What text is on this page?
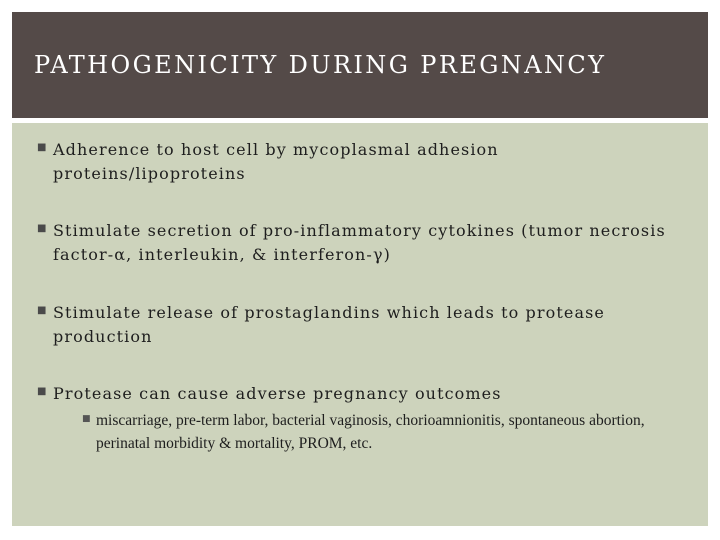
PATHOGENICITY DURING PREGNANCY
■ Adherence to host cell by mycoplasmal adhesion proteins/lipoproteins
■ Stimulate secretion of pro-inflammatory cytokines (tumor necrosis factor-α, interleukin, & interferon-γ)
■ Stimulate release of prostaglandins which leads to protease production
■ Protease can cause adverse pregnancy outcomes
■ miscarriage, pre-term labor, bacterial vaginosis, chorioamnionitis, spontaneous abortion, perinatal morbidity & mortality, PROM, etc.
